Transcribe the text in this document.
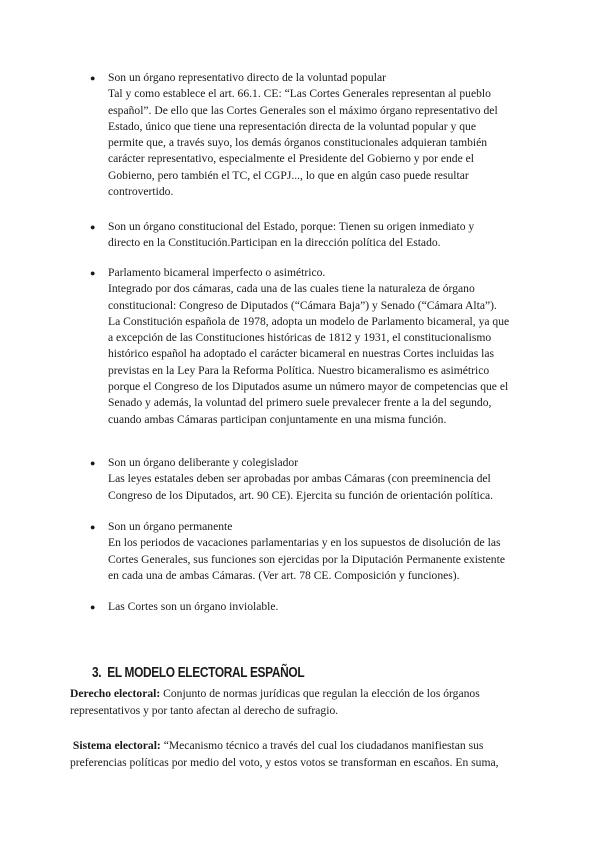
● Son un órgano representativo directo de la voluntad popular
Tal y como establece el art. 66.1. CE: “Las Cortes Generales representan al pueblo
español”. De ello que las Cortes Generales son el máximo órgano representativo del
Estado, único que tiene una representación directa de la voluntad popular y que
permite que, a través suyo, los demás órganos constitucionales adquieran también
carácter representativo, especialmente el Presidente del Gobierno y por ende el
Gobierno, pero también el TC, el CGPJ..., lo que en algún caso puede resultar
controvertido.
● Son un órgano constitucional del Estado, porque: Tienen su origen inmediato y
directo en la Constitución.Participan en la dirección política del Estado.
● Parlamento bicameral imperfecto o asimétrico.
Integrado por dos cámaras, cada una de las cuales tiene la naturaleza de órgano
constitucional: Congreso de Diputados (“Cámara Baja”) y Senado (“Cámara Alta”).
La Constitución española de 1978, adopta un modelo de Parlamento bicameral, ya que
a excepción de las Constituciones históricas de 1812 y 1931, el constitucionalismo
histórico español ha adoptado el carácter bicameral en nuestras Cortes incluidas las
previstas en la Ley Para la Reforma Política. Nuestro bicameralismo es asimétrico
porque el Congreso de los Diputados asume un número mayor de competencias que el
Senado y además, la voluntad del primero suele prevalecer frente a la del segundo,
cuando ambas Cámaras participan conjuntamente en una misma función.
● Son un órgano deliberante y colegislador
Las leyes estatales deben ser aprobadas por ambas Cámaras (con preeminencia del
Congreso de los Diputados, art. 90 CE). Ejercita su función de orientación política.
● Son un órgano permanente
En los periodos de vacaciones parlamentarias y en los supuestos de disolución de las
Cortes Generales, sus funciones son ejercidas por la Diputación Permanente existente
en cada una de ambas Cámaras. (Ver art. 78 CE. Composición y funciones).
● Las Cortes son un órgano inviolable.
3. EL MODELO ELECTORAL ESPAÑOL
Derecho electoral: Conjunto de normas jurídicas que regulan la elección de los órganos
representativos y por tanto afectan al derecho de sufragio.
Sistema electoral: “Mecanismo técnico a través del cual los ciudadanos manifiestan sus
preferencias políticas por medio del voto, y estos votos se transforman en escaños. En suma,
